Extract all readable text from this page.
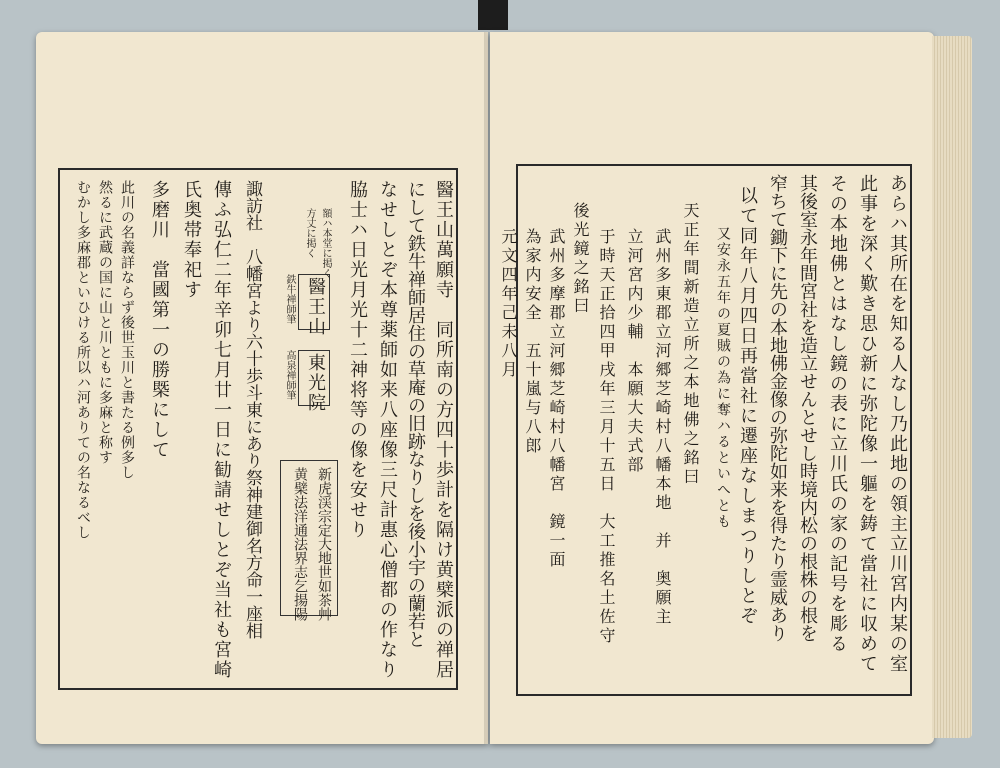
醫王山萬願寺　同所南の方四十歩計を隔け黄檗派の禅居
にして鉄牛禅師居住の草庵の旧跡なりしを後小宇の蘭若と
なせしとぞ本尊薬師如来八座像三尺計惠心僧都の作なり
脇士ハ日光月光十二神将等の像を安せり
醫王山
東光院
鉄牛禅師筆
高泉禅師筆
額ハ本堂に掲く
方丈に掲く
新虎渓宗定大地世如茶艸
黄檗法洋通法界志乞揚陽
諏訪社　八幡宮より六十歩斗東にあり祭神建御名方命一座相
傳ふ弘仁二年辛卯七月廿一日に勧請せしとぞ当社も宮崎
氏奥帯奉祀す
多磨川　當國第一の勝槩にして
此川の名義詳ならず後世玉川と書たる例多し
然るに武蔵の国に山と川ともに多麻と称す
むかし多麻郡といひける所以ハ河ありての名なるべし	あらハ其所在を知る人なし乃此地の領主立川宮内某の室
此事を深く歎き思ひ新に弥陀像一軀を鋳て當社に収めて
その本地佛とはなし鏡の表に立川氏の家の記号を彫る
其後室永年間宮社を造立せんとせし時境内松の根株の根を
窄ちて鋤下に先の本地佛金像の弥陀如来を得たり霊威あり
以て同年八月四日再當社に遷座なしまつりしとぞ
又安永五年の夏賊の為に奪ハるといへとも
天正年間新造立所之本地佛之銘曰
武州多東郡立河郷芝崎村八幡本地　并　奥願主
立河宮内少輔　本願大夫式部
于時天正拾四甲戌年三月十五日　大工推名土佐守
後光鏡之銘曰
武州多摩郡立河郷芝崎村八幡宮　鏡一面
為家内安全　五十嵐与八郎
元文四年己未八月
